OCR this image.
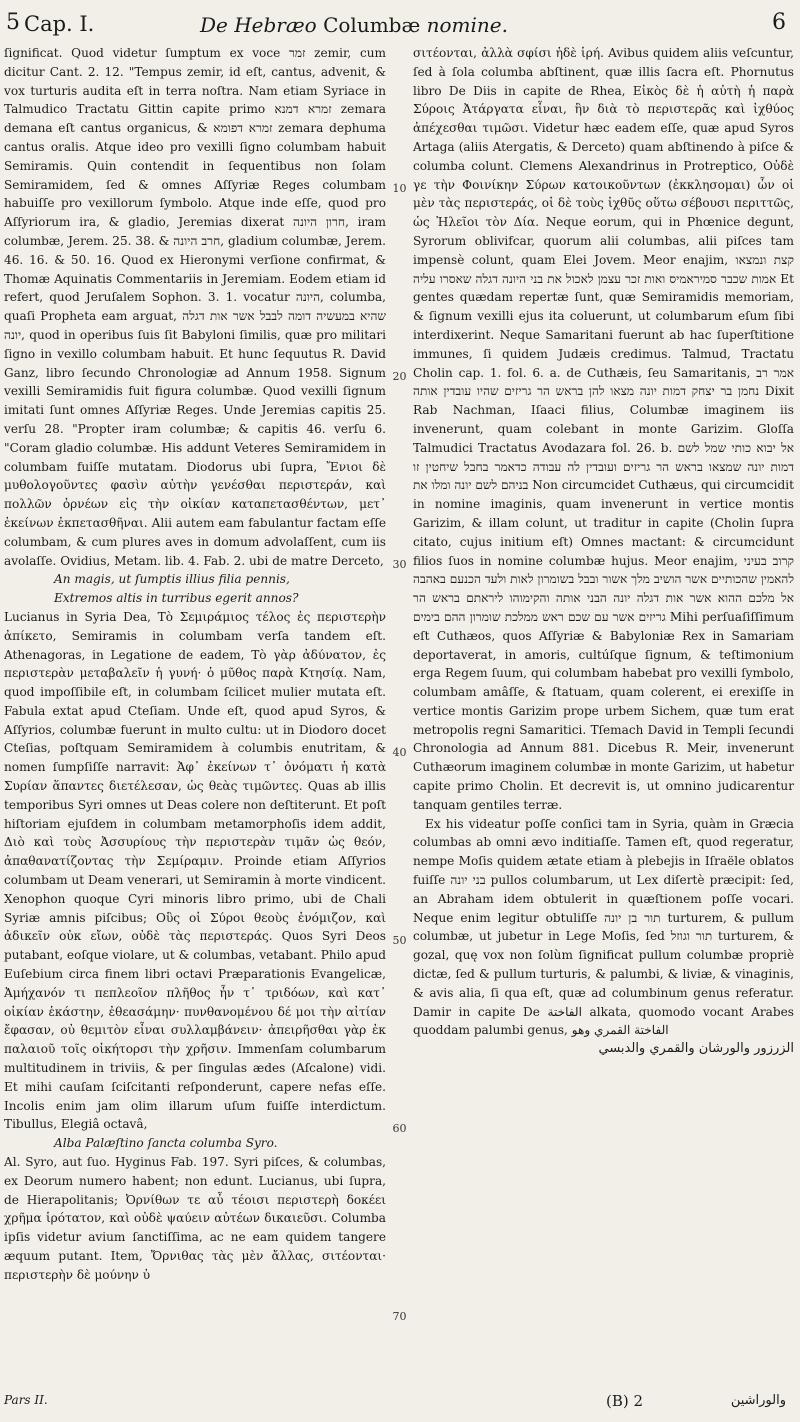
5 Cap. I.	De Hebræo Columbæ nomine.	6

ſignificat. Quod videtur ſumptum ex voce זמר zemir, cum dicitur Cant. 2. 12. "Tempus zemir, id eſt, cantus, advenit, & vox turturis audita eſt in terra noſtra. Nam etiam Syriace in Talmudico Tractatu Gittin capite primo זמרא דמנא zemara demana eſt cantus organicus, & זמרא דפומא zemara dephuma cantus oralis. Atque ideo pro vexilli ſigno columbam habuit Semiramis. Quin contendit in ſequentibus non ſolam Semiramidem, ſed & omnes Aſſyriæ Reges columbam habuiſſe pro vexillorum ſymbolo. Atque inde eſſe, quod pro Aſſyriorum ira, & gladio, Jeremias dixerat חרון היונה, iram columbæ, Jerem. 25. 38. & חרב היונה, gladium columbæ, Jerem. 46. 16. & 50. 16. Quod ex Hieronymi verſione confirmat, & Thomæ Aquinatis Commentariis in Jeremiam. Eodem etiam id refert, quod Jeruſalem Sophon. 3. 1. vocatur היונה, columba, quaſi Propheta eam arguat, שהיא במעשיה דומה לבבל אשר אות דגלה יונה, quod in operibus ſuis ſit Babyloni ſimilis, quæ pro militari ſigno in vexillo columbam habuit. Et hunc ſequutus R. David Ganz, libro ſecundo Chronologiæ ad Annum 1958. Signum vexilli Semiramidis fuit figura columbæ. Quod vexilli ſignum imitati ſunt omnes Aſſyriæ Reges. Unde Jeremias capitis 25. verſu 28. "Propter iram columbæ; & capitis 46. verſu 6. "Coram gladio columbæ. His addunt Veteres Semiramidem in columbam fuiſſe mutatam. Diodorus ubi ſupra, Ἔνιοι δὲ μυθολογοῦντες φασὶν αὐτὴν γενέσθαι περιστεράν, καὶ πολλῶν ὀρνέων εἰς τὴν οἰκίαν καταπετασθέντων, μετ᾽ ἐκείνων ἐκπετασθῆναι. Alii autem eam fabulantur factam eſſe columbam, & cum plures aves in domum advolaſſent, cum iis avolaſſe. Ovidius, Metam. lib. 4. Fab. 2. ubi de matre Derceto,

An magis, ut ſumptis illius filia pennis,

Extremos altis in turribus egerit annos?

Lucianus in Syria Dea, Τὸ Σεμιράμιος τέλος ἐς περιστερὴν ἀπίκετο, Semiramis in columbam verſa tandem eſt. Athenagoras, in Legatione de eadem, Τὸ γὰρ ἀδύνατον, ἐς περιστερὰν μεταβαλεῖν ἡ γυνή· ὁ μῦθος παρὰ Κτησίᾳ. Nam, quod impoſſibile eſt, in columbam ſcilicet mulier mutata eſt. Fabula extat apud Cteſiam. Unde eſt, quod apud Syros, & Aſſyrios, columbæ fuerunt in multo cultu: ut in Diodoro docet Cteſias, poſtquam Semiramidem à columbis enutritam, & nomen ſumpſiſſe narravit: Ἀφ᾽ ἐκείνων τ᾽ ὀνόματι ἡ κατὰ Συρίαν ἅπαντες διετέλεσαν, ὡς θεὰς τιμῶντες. Quas ab illis temporibus Syri omnes ut Deas colere non deſtiterunt. Et poſt hiſtoriam ejuſdem in columbam metamorphoſis idem addit, Διὸ καὶ τοὺς Ἀσσυρίους τὴν περιστερὰν τιμᾶν ὡς θεόν, ἀπαθανατίζοντας τὴν Σεμίραμιν. Proinde etiam Aſſyrios columbam ut Deam venerari, ut Semiramin à morte vindicent. Xenophon quoque Cyri minoris libro primo, ubi de Chali Syriæ amnis piſcibus; Οὓς οἱ Σύροι θεοὺς ἐνόμιζον, καὶ ἀδικεῖν οὐκ εἴων, οὐδὲ τὰς περιστεράς. Quos Syri Deos putabant, eoſque violare, ut & columbas, vetabant. Philo apud Euſebium circa finem libri octavi Præparationis Evangelicæ, Ἀμήχανόν τι πεπλεοῖον πλῆθος ἦν τ᾽ τριδόων, καὶ κατ᾽ οἰκίαν ἑκάστην, ἐθεασάμην· πυνθανομένου δέ μοι τὴν αἰτίαν ἔφασαν, οὐ θεμιτὸν εἶναι συλλαμβάνειν· ἀπειρῆσθαι γὰρ ἐκ παλαιοῦ τοῖς οἰκήτορσι τὴν χρῆσιν. Immenſam columbarum multitudinem in triviis, & per ſingulas ædes (Aſcalone) vidi. Et mihi cauſam ſciſcitanti reſponderunt, capere nefas eſſe. Incolis enim jam olim illarum uſum fuiſſe interdictum. Tibullus, Elegiâ octavâ,

Alba Palæſtino ſancta columba Syro.

Al. Syro, aut ſuo. Hyginus Fab. 197. Syri piſces, & columbas, ex Deorum numero habent; non edunt. Lucianus, ubi ſupra, de Hierapolitanis; Ὀρνίθων τε αὖ τέοισι περιστερὴ δοκέει χρῆμα ἱρότατον, καὶ οὐδὲ ψαύειν αὐτέων δικαιεῦσι. Columba ipſis videtur avium ſanctiſſima, ac ne eam quidem tangere æquum putant. Item, Ὄρνιθας τὰς μὲν ἄλλας, σιτέονται· περιστερὴν δὲ μούνην ὐ

10
20
30
40
50
60
70

σιτέονται, ἀλλὰ σφίσι ἡδὲ ἱρή. Avibus quidem aliis veſcuntur, ſed à ſola columba abſtinent, quæ illis ſacra eſt. Phornutus libro De Diis in capite de Rhea, Εἰκὸς δὲ ἡ αὐτὴ ἡ παρὰ Σύροις Ἀτάργατα εἶναι, ἣν διὰ τὸ περιστερᾶς καὶ ἰχθύος ἀπέχεσθαι τιμῶσι. Videtur hæc eadem eſſe, quæ apud Syros Artaga (aliis Atergatis, & Derceto) quam abſtinendo à piſce & columba colunt. Clemens Alexandrinus in Protreptico, Οὐδὲ γε τὴν Φοινίκην Σύρων κατοικοῦντων (ἐκκλησομαι) ὧν οἱ μὲν τὰς περιστεράς, οἱ δὲ τοὺς ἰχθῦς οὕτω σέβουσι περιττῶς, ὡς Ἠλεῖοι τὸν Δία. Neque eorum, qui in Phœnice degunt, Syrorum oblivifcar, quorum alii columbas, alii piſces tam impensè colunt, quam Elei Jovem. Meor enajim, קצת ונמצאו אמות שכבר סמיראמיס ואות זכר עצמן לאכול את בני היונה דגלה שאסרו עליה Et gentes quædam repertæ ſunt, quæ Semiramidis memoriam, & ſignum vexilli ejus ita coluerunt, ut columbarum eſum ſibi interdixerint. Neque Samaritani fuerunt ab hac ſuperſtitione immunes, ſi quidem Judæis credimus. Talmud, Tractatu Cholin cap. 1. fol. 6. a. de Cuthæis, ſeu Samaritanis, אמר רב נחמן בר יצחק דמות יונה מצאו להן בראש הר גריזים שהיו עובדין אותה Dixit Rab Nachman, Iſaaci filius, Columbæ imaginem iis invenerunt, quam colebant in monte Garizim. Gloſſa Talmudici Tractatus Avodazara fol. 26. b. אל יבוא כותי שמל לשם דמות יונה שמצאו בראש הר גריזים ועובדין לה עבודה כדאמר בחבל שיחטין זו בניהם לשם יונה ומלו את Non circumcidet Cuthæus, qui circumcidit in nomine imaginis, quam invenerunt in vertice montis Garizim, & illam colunt, ut traditur in capite (Cholin ſupra citato, cujus initium eſt) Omnes mactant: & circumcidunt filios ſuos in nomine columbæ hujus. Meor enajim, קרוב בעיני להאמין שהכותיים אשר הושיב מלך אשור ובבל בשומרון לאות ולעד הכנעם באהבה אל מלכם ההוא אשר אות דגלה יונה הבני אותה והקימוהו ליראתם בראש הר גריזים אשר עם שכם ראש ממלכת שומרון ההם בימים Mihi perſuaſiſſimum eſt Cuthæos, quos Aſſyriæ & Babyloniæ Rex in Samariam deportaverat, in amoris, cultúſque ſignum, & teſtimonium erga Regem ſuum, qui columbam habebat pro vexilli ſymbolo, columbam amâſſe, & ſtatuam, quam colerent, ei erexiſſe in vertice montis Garizim prope urbem Sichem, quæ tum erat metropolis regni Samaritici. Tſemach David in Templi ſecundi Chronologia ad Annum 881. Dicebus R. Meir, invenerunt Cuthæorum imaginem columbæ in monte Garizim, ut habetur capite primo Cholin. Et decrevit is, ut omnino judicarentur tanquam gentiles terræ.

Ex his videatur poſſe conſici tam in Syria, quàm in Græcia columbas ab omni ævo inditiaſſe. Tamen eſt, quod regeratur, nempe Moſis quidem ætate etiam à plebejis in Iſraële oblatos fuiſſe בני יונה pullos columbarum, ut Lex diſertè præcipit: ſed, an Abraham idem obtulerit in quæſtionem poſſe vocari. Neque enim legitur obtuliſſe תור בן יונה turturem, & pullum columbæ, ut jubetur in Lege Moſis, ſed תור וגוזל turturem, & gozal, quę vox non ſolùm ſignificat pullum columbæ propriè dictæ, ſed & pullum turturis, & palumbi, & liviæ, & vinaginis, & avis alia, ſi qua eſt, quæ ad columbinum genus referatur. Damir in capite De الفاختة alkata, quomodo vocant Arabes quoddam palumbi genus, الفاختة القمري وهو

الزرزور والورشان والقمري والدبسي

Pars II.	(B) 2	والوراشين
